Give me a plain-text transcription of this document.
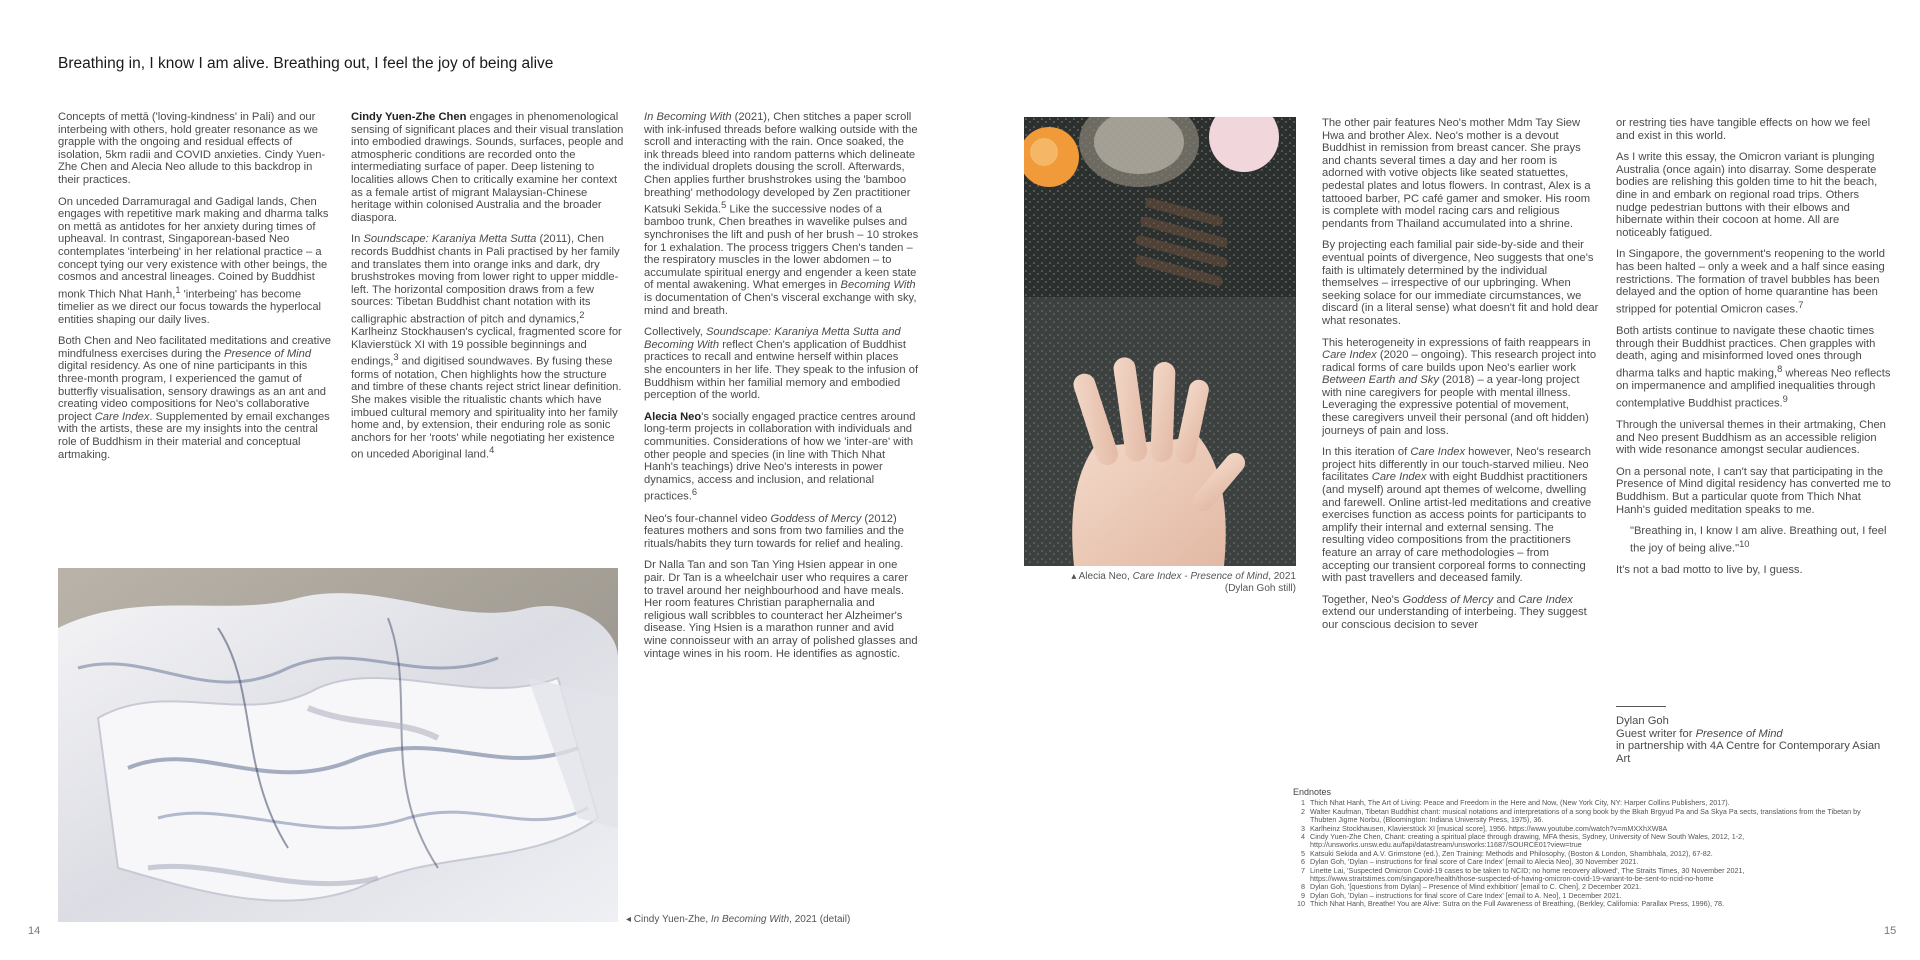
Breathing in, I know I am alive. Breathing out, I feel the joy of being alive

Concepts of mettā ('loving-kindness' in Pali) and our interbeing with others, hold greater resonance as we grapple with the ongoing and residual effects of isolation, 5km radii and COVID anxieties. Cindy Yuen-Zhe Chen and Alecia Neo allude to this backdrop in their practices.

On unceded Darramuragal and Gadigal lands, Chen engages with repetitive mark making and dharma talks on mettā as antidotes for her anxiety during times of upheaval. In contrast, Singaporean-based Neo contemplates 'interbeing' in her relational practice – a concept tying our very existence with other beings, the cosmos and ancestral lineages. Coined by Buddhist monk Thich Nhat Hanh,$^1$ 'interbeing' has become timelier as we direct our focus towards the hyperlocal entities shaping our daily lives.

Both Chen and Neo facilitated meditations and creative mindfulness exercises during the Presence of Mind digital residency. As one of nine participants in this three-month program, I experienced the gamut of butterfly visualisation, sensory drawings as an ant and creating video compositions for Neo's collaborative project Care Index. Supplemented by email exchanges with the artists, these are my insights into the central role of Buddhism in their material and conceptual artmaking.

Cindy Yuen-Zhe Chen engages in phenomenological sensing of significant places and their visual translation into embodied drawings. Sounds, surfaces, people and atmospheric conditions are recorded onto the intermediating surface of paper. Deep listening to localities allows Chen to critically examine her context as a female artist of migrant Malaysian-Chinese heritage within colonised Australia and the broader diaspora.

In Soundscape: Karaniya Metta Sutta (2011), Chen records Buddhist chants in Pali practised by her family and translates them into orange inks and dark, dry brushstrokes moving from lower right to upper middle-left. The horizontal composition draws from a few sources: Tibetan Buddhist chant notation with its calligraphic abstraction of pitch and dynamics,$^2$ Karlheinz Stockhausen's cyclical, fragmented score for Klavierstück XI with 19 possible beginnings and endings,$^3$ and digitised soundwaves. By fusing these forms of notation, Chen highlights how the structure and timbre of these chants reject strict linear definition. She makes visible the ritualistic chants which have imbued cultural memory and spirituality into her family home and, by extension, their enduring role as sonic anchors for her 'roots' while negotiating her existence on unceded Aboriginal land.$^4$

In Becoming With (2021), Chen stitches a paper scroll with ink-infused threads before walking outside with the scroll and interacting with the rain. Once soaked, the ink threads bleed into random patterns which delineate the individual droplets dousing the scroll. Afterwards, Chen applies further brushstrokes using the 'bamboo breathing' methodology developed by Zen practitioner Katsuki Sekida.$^5$ Like the successive nodes of a bamboo trunk, Chen breathes in wavelike pulses and synchronises the lift and push of her brush – 10 strokes for 1 exhalation. The process triggers Chen's tanden – the respiratory muscles in the lower abdomen – to accumulate spiritual energy and engender a keen state of mental awakening. What emerges in Becoming With is documentation of Chen's visceral exchange with sky, mind and breath.

Collectively, Soundscape: Karaniya Metta Sutta and Becoming With reflect Chen's application of Buddhist practices to recall and entwine herself within places she encounters in her life. They speak to the infusion of Buddhism within her familial memory and embodied perception of the world.

Alecia Neo's socially engaged practice centres around long-term projects in collaboration with individuals and communities. Considerations of how we 'inter-are' with other people and species (in line with Thich Nhat Hanh's teachings) drive Neo's interests in power dynamics, access and inclusion, and relational practices.$^6$

Neo's four-channel video Goddess of Mercy (2012) features mothers and sons from two families and the rituals/habits they turn towards for relief and healing.

Dr Nalla Tan and son Tan Ying Hsien appear in one pair. Dr Tan is a wheelchair user who requires a carer to travel around her neighbourhood and have meals. Her room features Christian paraphernalia and religious wall scribbles to counteract her Alzheimer's disease. Ying Hsien is a marathon runner and avid wine connoisseur with an array of polished glasses and vintage wines in his room. He identifies as agnostic.

◂ Cindy Yuen-Zhe, In Becoming With, 2021 (detail)
▴ Alecia Neo, Care Index - Presence of Mind, 2021
(Dylan Goh still)

The other pair features Neo's mother Mdm Tay Siew Hwa and brother Alex. Neo's mother is a devout Buddhist in remission from breast cancer. She prays and chants several times a day and her room is adorned with votive objects like seated statuettes, pedestal plates and lotus flowers. In contrast, Alex is a tattooed barber, PC café gamer and smoker. His room is complete with model racing cars and religious pendants from Thailand accumulated into a shrine.

By projecting each familial pair side-by-side and their eventual points of divergence, Neo suggests that one's faith is ultimately determined by the individual themselves – irrespective of our upbringing. When seeking solace for our immediate circumstances, we discard (in a literal sense) what doesn't fit and hold dear what resonates.

This heterogeneity in expressions of faith reappears in Care Index (2020 – ongoing). This research project into radical forms of care builds upon Neo's earlier work Between Earth and Sky (2018) – a year-long project with nine caregivers for people with mental illness. Leveraging the expressive potential of movement, these caregivers unveil their personal (and oft hidden) journeys of pain and loss.

In this iteration of Care Index however, Neo's research project hits differently in our touch-starved milieu. Neo facilitates Care Index with eight Buddhist practitioners (and myself) around apt themes of welcome, dwelling and farewell. Online artist-led meditations and creative exercises function as access points for participants to amplify their internal and external sensing. The resulting video compositions from the practitioners feature an array of care methodologies – from accepting our transient corporeal forms to connecting with past travellers and deceased family.

Together, Neo's Goddess of Mercy and Care Index extend our understanding of interbeing. They suggest our conscious decision to sever

or restring ties have tangible effects on how we feel and exist in this world.

As I write this essay, the Omicron variant is plunging Australia (once again) into disarray. Some desperate bodies are relishing this golden time to hit the beach, dine in and embark on regional road trips. Others nudge pedestrian buttons with their elbows and hibernate within their cocoon at home. All are noticeably fatigued.

In Singapore, the government's reopening to the world has been halted – only a week and a half since easing restrictions. The formation of travel bubbles has been delayed and the option of home quarantine has been stripped for potential Omicron cases.$^7$

Both artists continue to navigate these chaotic times through their Buddhist practices. Chen grapples with death, aging and misinformed loved ones through dharma talks and haptic making,$^8$ whereas Neo reflects on impermanence and amplified inequalities through contemplative Buddhist practices.$^9$

Through the universal themes in their artmaking, Chen and Neo present Buddhism as an accessible religion with wide resonance amongst secular audiences.

On a personal note, I can't say that participating in the Presence of Mind digital residency has converted me to Buddhism. But a particular quote from Thich Nhat Hanh's guided meditation speaks to me.

"Breathing in, I know I am alive. Breathing out, I feel the joy of being alive."$^{10}$

It's not a bad motto to live by, I guess.

Dylan Goh
Guest writer for Presence of Mind
in partnership with 4A Centre for Contemporary Asian Art
Endnotes
1 Thich Nhat Hanh, The Art of Living: Peace and Freedom in the Here and Now, (New York City, NY: Harper Collins Publishers, 2017).
2 Walter Kaufman, Tibetan Buddhist chant: musical notations and interpretations of a song book by the Bkah Brgyud Pa and Sa Skya Pa sects, translations from the Tibetan by Thubten Jigme Norbu, (Bloomington: Indiana University Press, 1975), 36.
3 Karlheinz Stockhausen, Klavierstück XI [musical score], 1956. https://www.youtube.com/watch?v=mMXXhXW8A
4 Cindy Yuen-Zhe Chen, Chant: creating a spiritual place through drawing, MFA thesis, Sydney, University of New South Wales, 2012, 1-2, http://unsworks.unsw.edu.au/fapi/datastream/unsworks:11687/SOURCE01?view=true
5 Katsuki Sekida and A.V. Grimstone (ed.), Zen Training: Methods and Philosophy, (Boston & London, Shambhala, 2012), 67-82.
6 Dylan Goh, 'Dylan – instructions for final score of Care Index' [email to Alecia Neo], 30 November 2021.
7 Linette Lai, 'Suspected Omicron Covid-19 cases to be taken to NCID; no home recovery allowed', The Straits Times, 30 November 2021, https://www.straitstimes.com/singapore/health/those-suspected-of-having-omicron-covid-19-variant-to-be-sent-to-ncid-no-home
8 Dylan Goh, '[questions from Dylan] – Presence of Mind exhibition' [email to C. Chen], 2 December 2021.
9 Dylan Goh, 'Dylan – instructions for final score of Care Index' [email to A. Neo], 1 December 2021.
10 Thich Nhat Hanh, Breathe! You are Alive: Sutra on the Full Awareness of Breathing, (Berkley, California: Parallax Press, 1996), 78.
14	15
